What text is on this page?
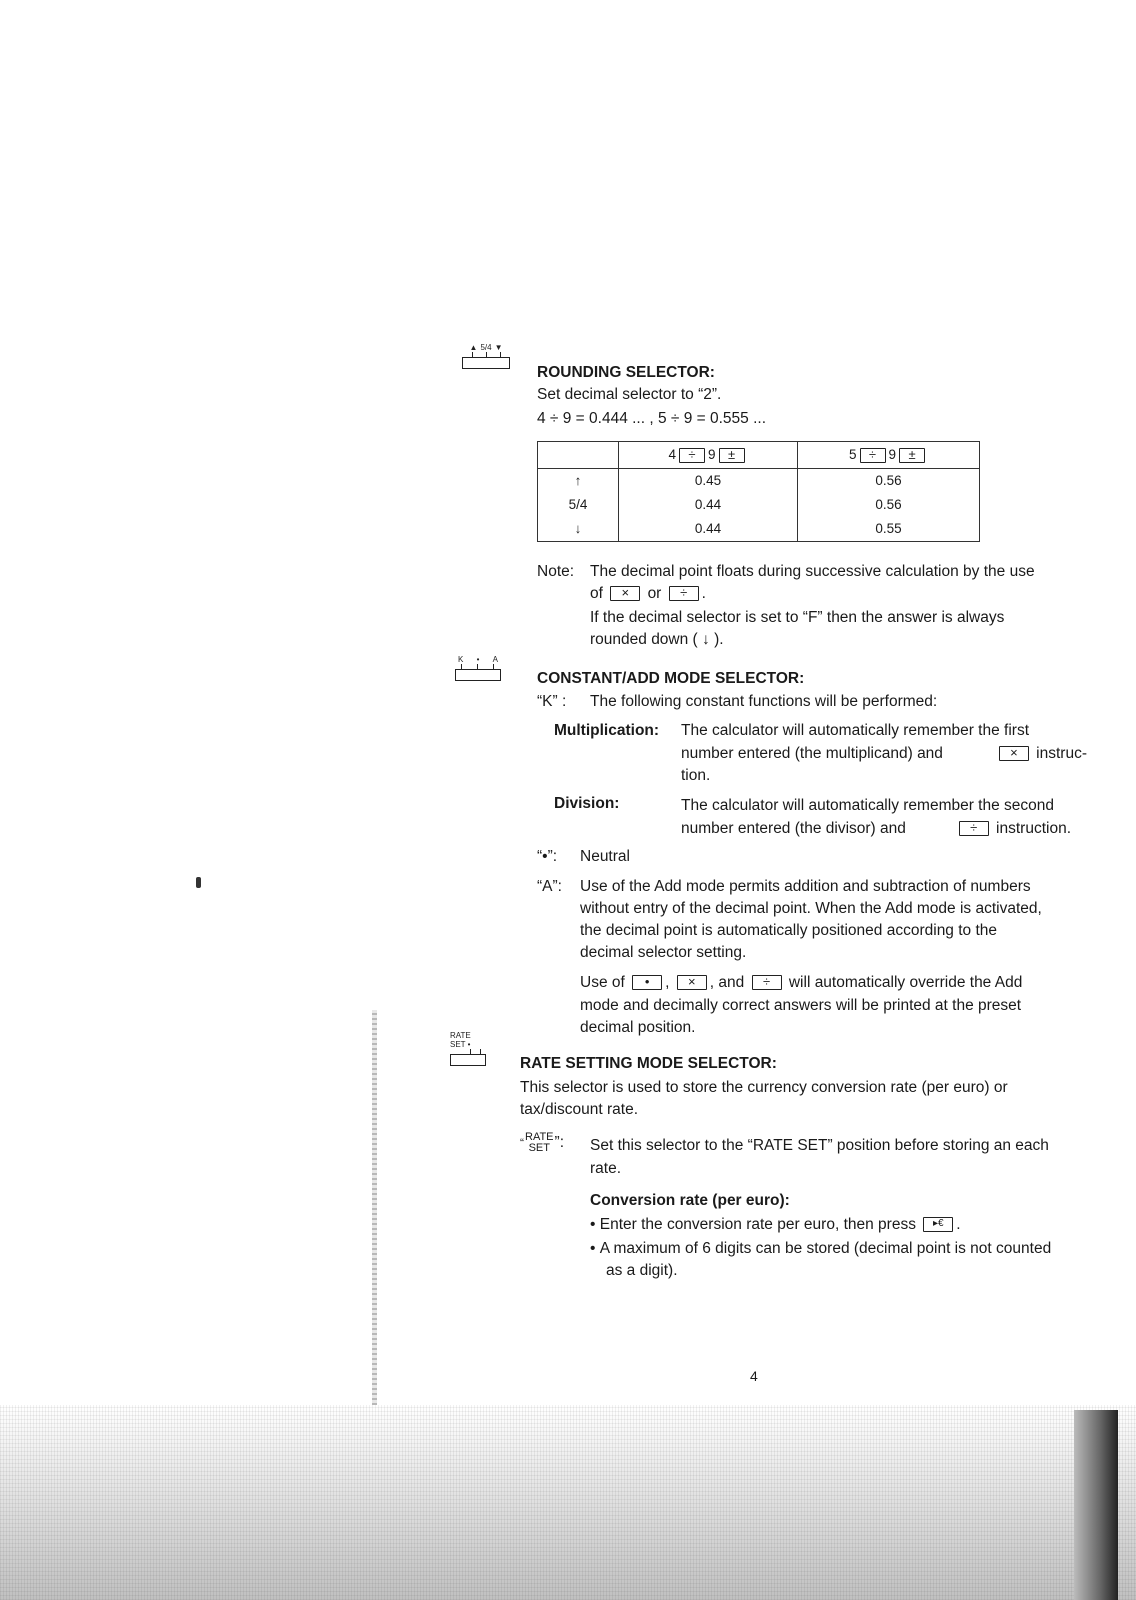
▲ 5/4 ▼
ROUNDING SELECTOR:
Set decimal selector to “2”.
4 ÷ 9 = 0.444 ... , 5 ÷ 9 = 0.555 ...
	4 ÷ 9 ±	5 ÷ 9 ±
↑	0.45	0.56
5/4	0.44	0.56
↓	0.44	0.55
Note: The decimal point floats during successive calculation by the use
of × or ÷ .
If the decimal selector is set to “F” then the answer is always
rounded down ( ↓ ).
K • A
CONSTANT/ADD MODE SELECTOR:
“K” : The following constant functions will be performed:
Multiplication: The calculator will automatically remember the first
number entered (the multiplicand) and	× instruc-
tion.
Division:	The calculator will automatically remember the second
number entered (the divisor) and	÷ instruction.
“•”: Neutral
“A”: Use of the Add mode permits addition and subtraction of numbers
without entry of the decimal point. When the Add mode is activated,
the decimal point is automatically positioned according to the
decimal selector setting.
Use of • , × , and ÷ will automatically override the Add
mode and decimally correct answers will be printed at the preset
decimal position.
RATE
SET •
RATE SETTING MODE SELECTOR:
This selector is used to store the currency conversion rate (per euro) or
tax/discount rate.
“ RATE
SET ”: Set this selector to the “RATE SET” position before storing an each
rate.
Conversion rate (per euro):
• Enter the conversion rate per euro, then press ▸€ .
• A maximum of 6 digits can be stored (decimal point is not counted
as a digit).
4
